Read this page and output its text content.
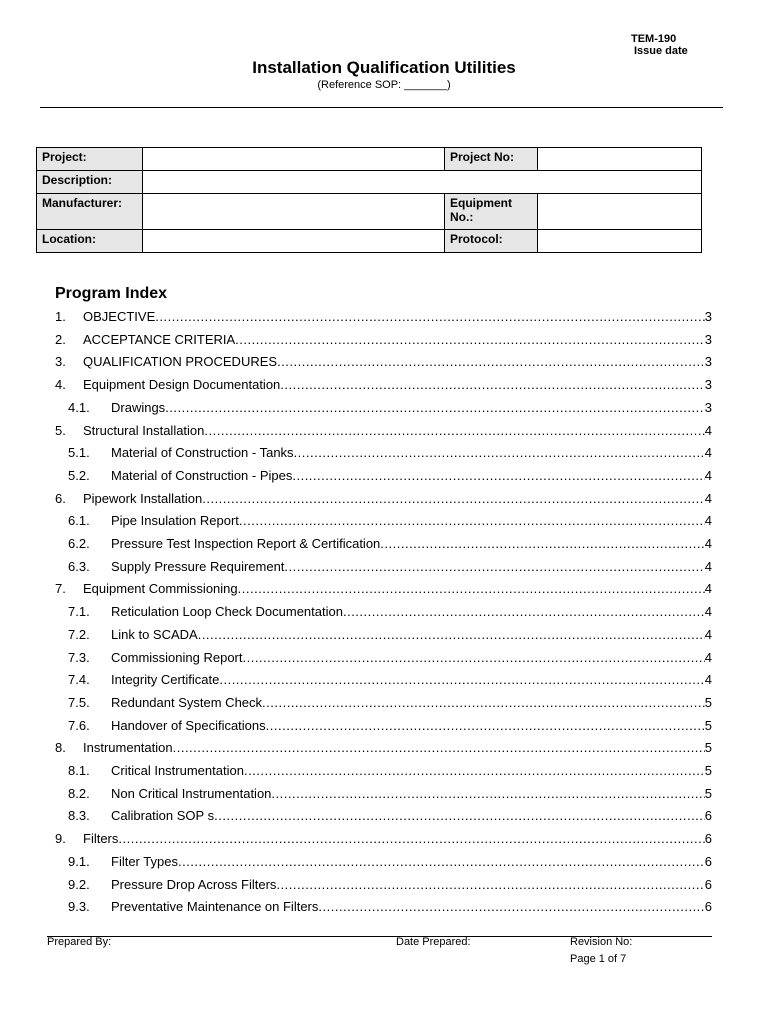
TEM-190
Issue date
Installation Qualification Utilities
(Reference SOP: _______)
Project:		Project No:	
Description:			
Manufacturer:		Equipment No.:	
Location:		Protocol:	
Program Index
1.	OBJECTIVE .....	3
2.	ACCEPTANCE CRITERIA .....	3
3.	QUALIFICATION PROCEDURES .....	3
4.	Equipment Design Documentation .....	3
4.1.	Drawings .....	3
5.	Structural Installation .....	4
5.1.	Material of Construction - Tanks .....	4
5.2.	Material of Construction - Pipes .....	4
6.	Pipework Installation .....	4
6.1.	Pipe Insulation Report .....	4
6.2.	Pressure Test Inspection Report & Certification .....	4
6.3.	Supply Pressure Requirement .....	4
7.	Equipment Commissioning .....	4
7.1.	Reticulation Loop Check Documentation .....	4
7.2.	Link to SCADA .....	4
7.3.	Commissioning Report .....	4
7.4.	Integrity Certificate .....	4
7.5.	Redundant System Check .....	5
7.6.	Handover of Specifications .....	5
8.	Instrumentation .....	5
8.1.	Critical Instrumentation .....	5
8.2.	Non Critical Instrumentation .....	5
8.3.	Calibration SOP s .....	6
9.	Filters .....	6
9.1.	Filter Types .....	6
9.2.	Pressure Drop Across Filters .....	6
9.3.	Preventative Maintenance on Filters .....	6
Prepared By:	Date Prepared:	Revision No:
Page 1 of 7
